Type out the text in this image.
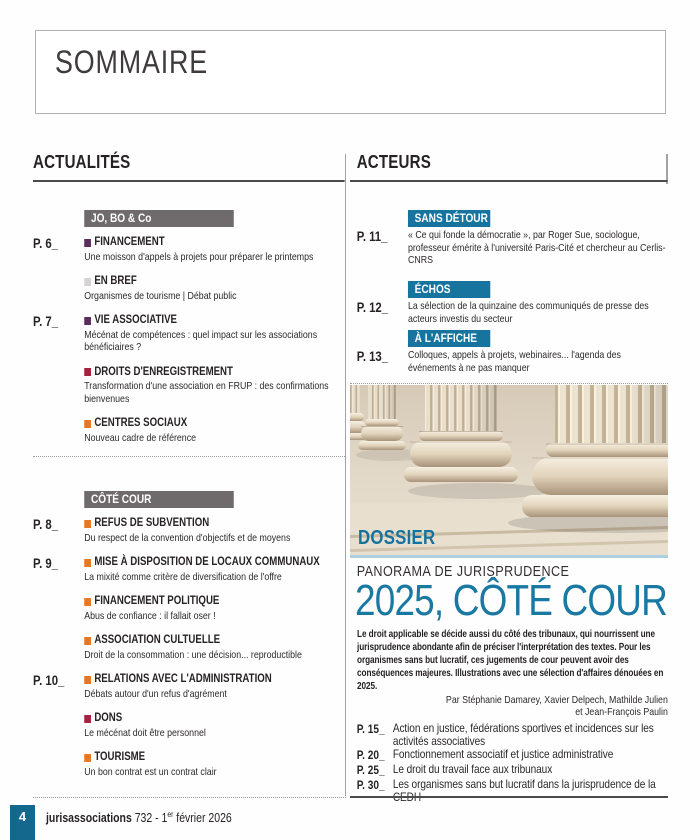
SOMMAIRE
ACTUALITÉS
JO, BO & Co
P. 6_	FINANCEMENT
Une moisson d'appels à projets pour préparer le printemps
EN BREF
Organismes de tourisme | Débat public
P. 7_	VIE ASSOCIATIVE
Mécénat de compétences : quel impact sur les associations bénéficiaires ?
DROITS D'ENREGISTREMENT
Transformation d'une association en FRUP : des confirmations bienvenues
CENTRES SOCIAUX
Nouveau cadre de référence
CÔTÉ COUR
P. 8_	REFUS DE SUBVENTION
Du respect de la convention d'objectifs et de moyens
P. 9_	MISE À DISPOSITION DE LOCAUX COMMUNAUX
La mixité comme critère de diversification de l'offre
FINANCEMENT POLITIQUE
Abus de confiance : il fallait oser !
ASSOCIATION CULTUELLE
Droit de la consommation : une décision... reproductible
P. 10_	RELATIONS AVEC L'ADMINISTRATION
Débats autour d'un refus d'agrément
DONS
Le mécénat doit être personnel
TOURISME
Un bon contrat est un contrat clair
ACTEURS
SANS DÉTOUR
P. 11_	« Ce qui fonde la démocratie », par Roger Sue, sociologue, professeur émérite à l'université Paris-Cité et chercheur au Cerlis-CNRS
ÉCHOS
P. 12_	La sélection de la quinzaine des communiqués de presse des acteurs investis du secteur
À L'AFFICHE
P. 13_	Colloques, appels à projets, webinaires... l'agenda des événements à ne pas manquer
DOSSIER
PANORAMA DE JURISPRUDENCE
2025, CÔTÉ COUR
Le droit applicable se décide aussi du côté des tribunaux, qui nourrissent une jurisprudence abondante afin de préciser l'interprétation des textes. Pour les organismes sans but lucratif, ces jugements de cour peuvent avoir des conséquences majeures. Illustrations avec une sélection d'affaires dénouées en 2025.
Par Stéphanie Damarey, Xavier Delpech, Mathilde Julien
et Jean-François Paulin
P. 15_ Action en justice, fédérations sportives et incidences sur les activités associatives
P. 20_ Fonctionnement associatif et justice administrative
P. 25_ Le droit du travail face aux tribunaux
P. 30_ Les organismes sans but lucratif dans la jurisprudence de la CEDH
4	jurisassociations 732 - 1er février 2026
